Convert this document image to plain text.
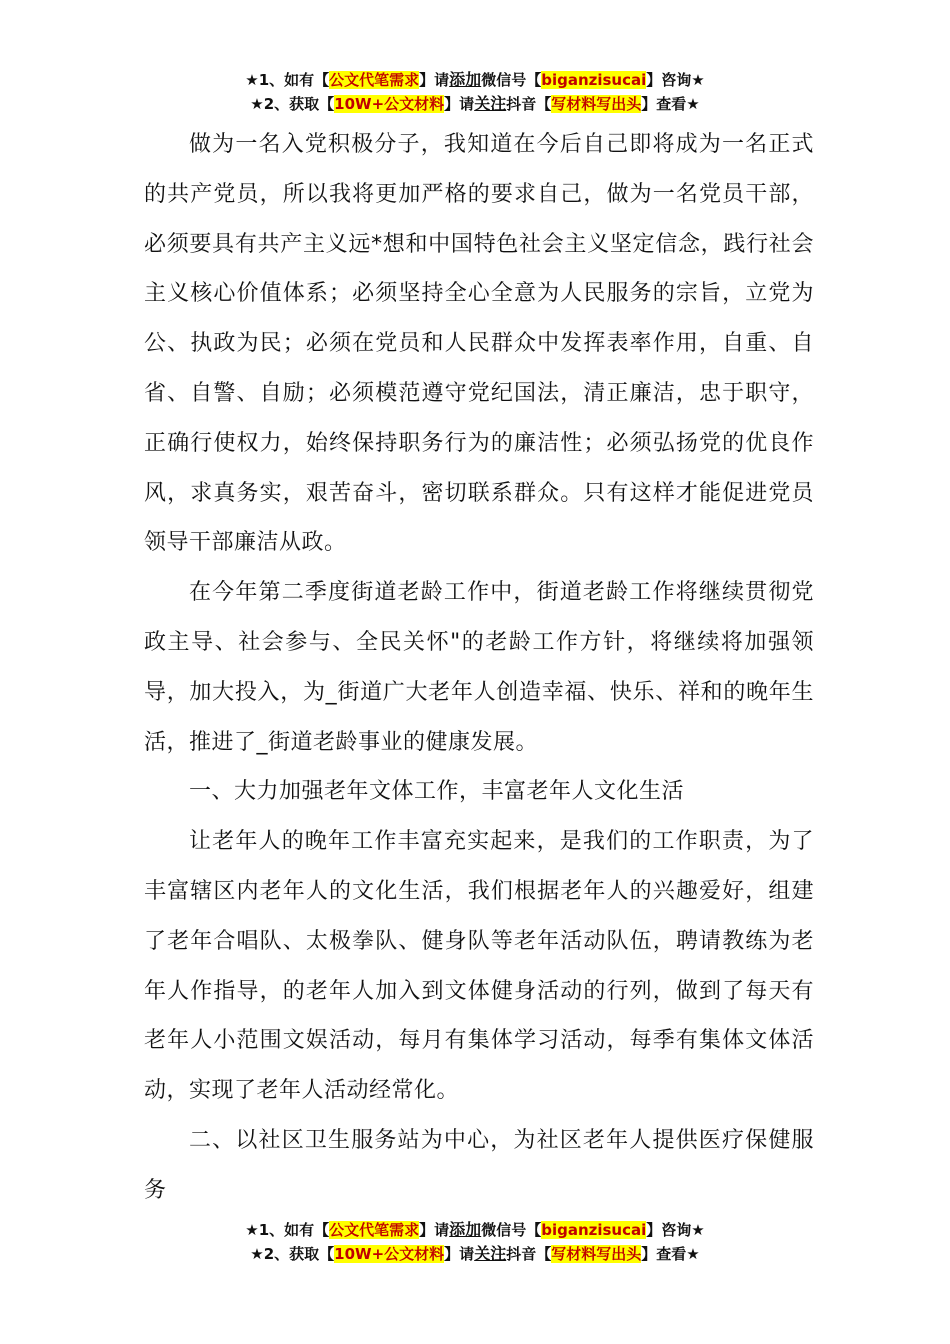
★1、如有【公文代笔需求】请添加微信号【biganzisucai】咨询★
★2、获取【10W+公文材料】请关注抖音【写材料写出头】查看★

做为一名入党积极分子，我知道在今后自己即将成为一名正式的共产党员，所以我将更加严格的要求自己，做为一名党员干部，必须要具有共产主义远*想和中国特色社会主义坚定信念，践行社会主义核心价值体系；必须坚持全心全意为人民服务的宗旨，立党为公、执政为民；必须在党员和人民群众中发挥表率作用，自重、自省、自警、自励；必须模范遵守党纪国法，清正廉洁，忠于职守，正确行使权力，始终保持职务行为的廉洁性；必须弘扬党的优良作风，求真务实，艰苦奋斗，密切联系群众。只有这样才能促进党员领导干部廉洁从政。

在今年第二季度街道老龄工作中，街道老龄工作将继续贯彻党政主导、社会参与、全民关怀"的老龄工作方针，将继续将加强领导，加大投入，为_街道广大老年人创造幸福、快乐、祥和的晚年生活，推进了_街道老龄事业的健康发展。

一、大力加强老年文体工作，丰富老年人文化生活

让老年人的晚年工作丰富充实起来，是我们的工作职责，为了丰富辖区内老年人的文化生活，我们根据老年人的兴趣爱好，组建了老年合唱队、太极拳队、健身队等老年活动队伍，聘请教练为老年人作指导，的老年人加入到文体健身活动的行列，做到了每天有老年人小范围文娱活动，每月有集体学习活动，每季有集体文体活动，实现了老年人活动经常化。

二、以社区卫生服务站为中心，为社区老年人提供医疗保健服务

★1、如有【公文代笔需求】请添加微信号【biganzisucai】咨询★
★2、获取【10W+公文材料】请关注抖音【写材料写出头】查看★
